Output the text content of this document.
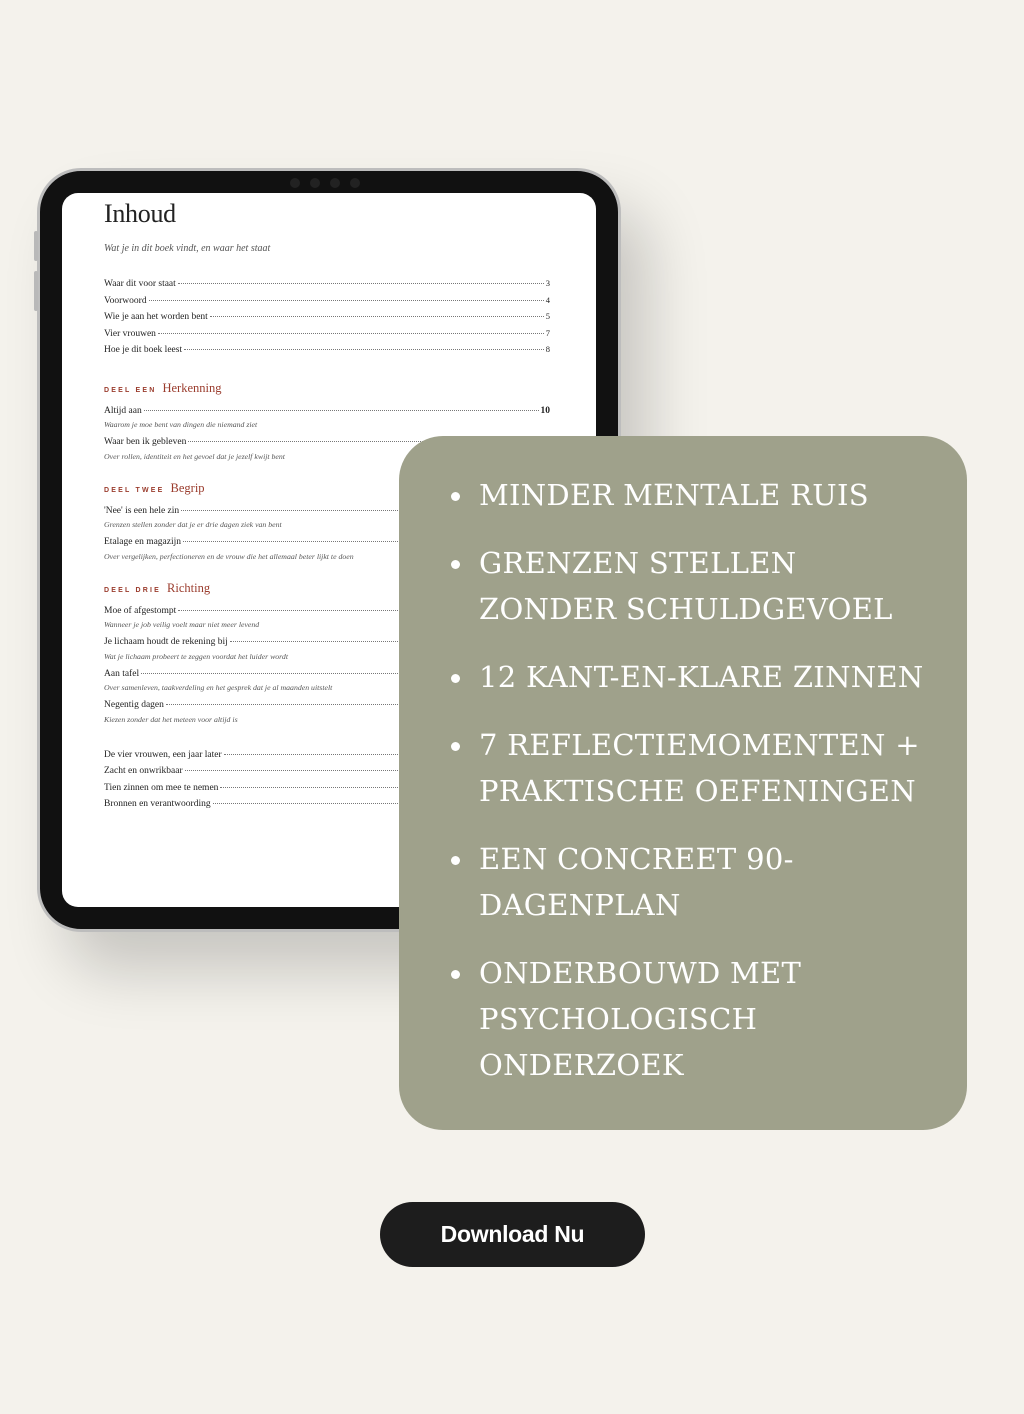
Inhoud
Wat je in dit boek vindt, en waar het staat
Waar dit voor staat	3
Voorwoord	4
Wie je aan het worden bent	5
Vier vrouwen	7
Hoe je dit boek leest	8
DEEL EEN Herkenning
Altijd aan	10
Waarom je moe bent van dingen die niemand ziet
Waar ben ik gebleven
Over rollen, identiteit en het gevoel dat je jezelf kwijt bent
DEEL TWEE Begrip
'Nee' is een hele zin
Grenzen stellen zonder dat je er drie dagen ziek van bent
Etalage en magazijn
Over vergelijken, perfectioneren en de vrouw die het allemaal beter lijkt te doen
DEEL DRIE Richting
Moe of afgestompt
Wanneer je job veilig voelt maar niet meer levend
Je lichaam houdt de rekening bij
Wat je lichaam probeert te zeggen voordat het luider wordt
Aan tafel
Over samenleven, taakverdeling en het gesprek dat je al maanden uitstelt
Negentig dagen
Kiezen zonder dat het meteen voor altijd is
De vier vrouwen, een jaar later
Zacht en onwrikbaar
Tien zinnen om mee te nemen
Bronnen en verantwoording
MINDER MENTALE RUIS
GRENZEN STELLEN ZONDER SCHULDGEVOEL
12 KANT-EN-KLARE ZINNEN
7 REFLECTIEMOMENTEN + PRAKTISCHE OEFENINGEN
EEN CONCREET 90-DAGENPLAN
ONDERBOUWD MET PSYCHOLOGISCH ONDERZOEK
Download Nu
